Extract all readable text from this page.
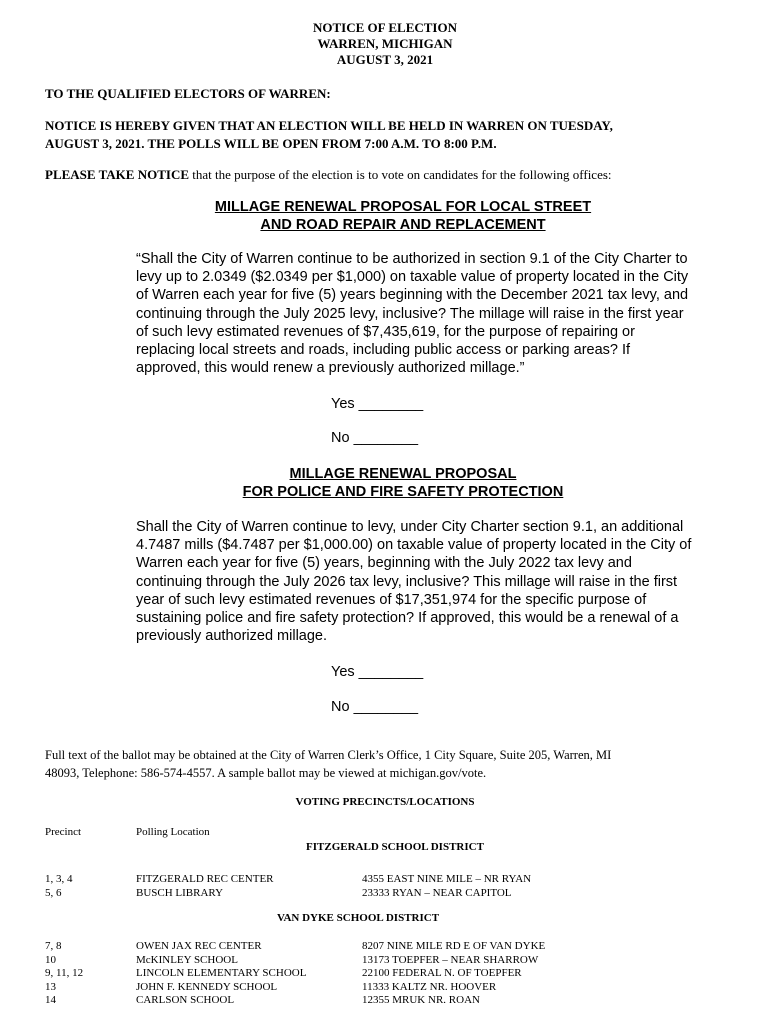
NOTICE OF ELECTION
WARREN, MICHIGAN
AUGUST 3, 2021
TO THE QUALIFIED ELECTORS OF WARREN:
NOTICE IS HEREBY GIVEN THAT AN ELECTION WILL BE HELD IN WARREN ON TUESDAY,
AUGUST 3, 2021. THE POLLS WILL BE OPEN FROM 7:00 A.M. TO 8:00 P.M.
PLEASE TAKE NOTICE that the purpose of the election is to vote on candidates for the following offices:
MILLAGE RENEWAL PROPOSAL FOR LOCAL STREET
AND ROAD REPAIR AND REPLACEMENT
“Shall the City of Warren continue to be authorized in section 9.1 of the City Charter to
levy up to 2.0349 ($2.0349 per $1,000) on taxable value of property located in the City
of Warren each year for five (5) years beginning with the December 2021 tax levy, and
continuing through the July 2025 levy, inclusive? The millage will raise in the first year
of such levy estimated revenues of $7,435,619, for the purpose of repairing or
replacing local streets and roads, including public access or parking areas? If
approved, this would renew a previously authorized millage.”
Yes ________
No ________
MILLAGE RENEWAL PROPOSAL
FOR POLICE AND FIRE SAFETY PROTECTION
Shall the City of Warren continue to levy, under City Charter section 9.1, an additional
4.7487 mills ($4.7487 per $1,000.00) on taxable value of property located in the City of
Warren each year for five (5) years, beginning with the July 2022 tax levy and
continuing through the July 2026 tax levy, inclusive? This millage will raise in the first
year of such levy estimated revenues of $17,351,974 for the specific purpose of
sustaining police and fire safety protection? If approved, this would be a renewal of a
previously authorized millage.
Yes ________
No ________
Full text of the ballot may be obtained at the City of Warren Clerk’s Office, 1 City Square, Suite 205, Warren, MI
48093, Telephone: 586-574-4557. A sample ballot may be viewed at michigan.gov/vote.
VOTING PRECINCTS/LOCATIONS
Precinct	Polling Location
FITZGERALD SCHOOL DISTRICT
1, 3, 4
5, 6
FITZGERALD REC CENTER
BUSCH LIBRARY
4355 EAST NINE MILE – NR RYAN
23333 RYAN – NEAR CAPITOL
VAN DYKE SCHOOL DISTRICT
7, 8
10
9, 11, 12
13
14
OWEN JAX REC CENTER
McKINLEY SCHOOL
LINCOLN ELEMENTARY SCHOOL
JOHN F. KENNEDY SCHOOL
CARLSON SCHOOL
8207 NINE MILE RD E OF VAN DYKE
13173 TOEPFER – NEAR SHARROW
22100 FEDERAL N. OF TOEPFER
11333 KALTZ NR. HOOVER
12355 MRUK NR. ROAN
